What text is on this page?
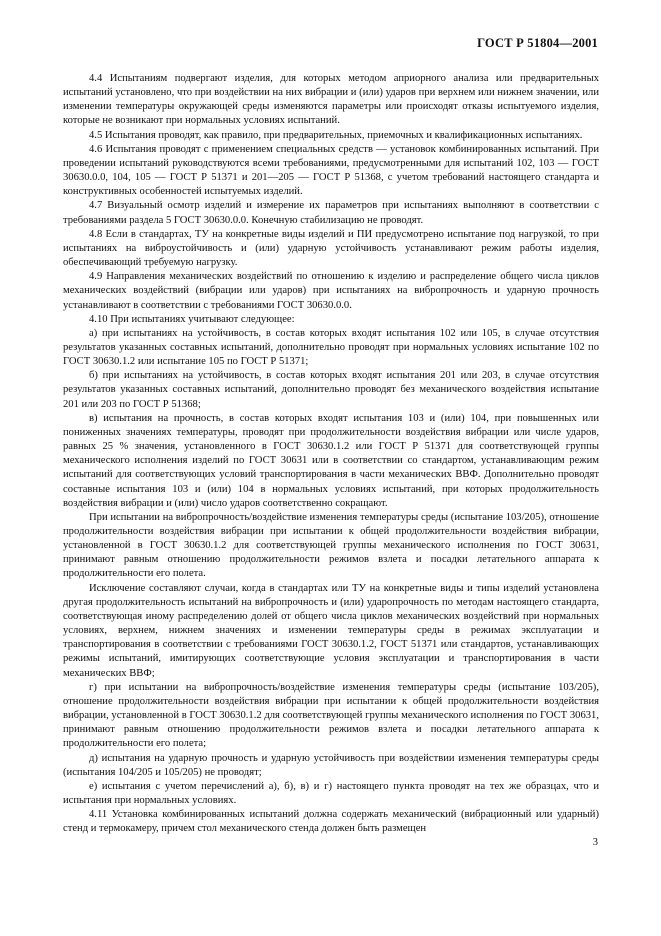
ГОСТ Р 51804—2001

4.4 Испытаниям подвергают изделия, для которых методом априорного анализа или предварительных испытаний установлено, что при воздействии на них вибрации и (или) ударов при верхнем или нижнем значении, или изменении температуры окружающей среды изменяются параметры или происходят отказы испытуемого изделия, которые не возникают при нормальных условиях испытаний.

4.5 Испытания проводят, как правило, при предварительных, приемочных и квалификационных испытаниях.

4.6 Испытания проводят с применением специальных средств — установок комбинированных испытаний. При проведении испытаний руководствуются всеми требованиями, предусмотренными для испытаний 102, 103 — ГОСТ 30630.0.0, 104, 105 — ГОСТ Р 51371 и 201—205 — ГОСТ Р 51368, с учетом требований настоящего стандарта и конструктивных особенностей испытуемых изделий.

4.7 Визуальный осмотр изделий и измерение их параметров при испытаниях выполняют в соответствии с требованиями раздела 5 ГОСТ 30630.0.0. Конечную стабилизацию не проводят.

4.8 Если в стандартах, ТУ на конкретные виды изделий и ПИ предусмотрено испытание под нагрузкой, то при испытаниях на виброустойчивость и (или) ударную устойчивость устанавливают режим работы изделия, обеспечивающий требуемую нагрузку.

4.9 Направления механических воздействий по отношению к изделию и распределение общего числа циклов механических воздействий (вибрации или ударов) при испытаниях на вибропрочность и ударную прочность устанавливают в соответствии с требованиями ГОСТ 30630.0.0.

4.10 При испытаниях учитывают следующее:

а) при испытаниях на устойчивость, в состав которых входят испытания 102 или 105, в случае отсутствия результатов указанных составных испытаний, дополнительно проводят при нормальных условиях испытание 102 по ГОСТ 30630.1.2 или испытание 105 по ГОСТ Р 51371;

б) при испытаниях на устойчивость, в состав которых входят испытания 201 или 203, в случае отсутствия результатов указанных составных испытаний, дополнительно проводят без механического воздействия испытание 201 или 203 по ГОСТ Р 51368;

в) испытания на прочность, в состав которых входят испытания 103 и (или) 104, при повышенных или пониженных значениях температуры, проводят при продолжительности воздействия вибрации или числе ударов, равных 25 % значения, установленного в ГОСТ 30630.1.2 или ГОСТ Р 51371 для соответствующей группы механического исполнения изделий по ГОСТ 30631 или в соответствии со стандартом, устанавливающим режим испытаний для соответствующих условий транспортирования в части механических ВВФ. Дополнительно проводят составные испытания 103 и (или) 104 в нормальных условиях испытаний, при которых продолжительность воздействия вибрации и (или) число ударов соответственно сокращают.

При испытании на вибропрочность/воздействие изменения температуры среды (испытание 103/205), отношение продолжительности воздействия вибрации при испытании к общей продолжительности воздействия вибрации, установленной в ГОСТ 30630.1.2 для соответствующей группы механического исполнения по ГОСТ 30631, принимают равным отношению продолжительности режимов взлета и посадки летательного аппарата к продолжительности его полета.

Исключение составляют случаи, когда в стандартах или ТУ на конкретные виды и типы изделий установлена другая продолжительность испытаний на вибропрочность и (или) ударопрочность по методам настоящего стандарта, соответствующая иному распределению долей от общего числа циклов механических воздействий при нормальных условиях, верхнем, нижнем значениях и изменении температуры среды в режимах эксплуатации и транспортирования в соответствии с требованиями ГОСТ 30630.1.2, ГОСТ 51371 или стандартов, устанавливающих режимы испытаний, имитирующих соответствующие условия эксплуатации и транспортирования в части механических ВВФ;

г) при испытании на вибропрочность/воздействие изменения температуры среды (испытание 103/205), отношение продолжительности воздействия вибрации при испытании к общей продолжительности воздействия вибрации, установленной в ГОСТ 30630.1.2 для соответствующей группы механического исполнения по ГОСТ 30631, принимают равным отношению продолжительности режимов взлета и посадки летательного аппарата к продолжительности его полета;

д) испытания на ударную прочность и ударную устойчивость при воздействии изменения температуры среды (испытания 104/205 и 105/205) не проводят;

е) испытания с учетом перечислений а), б), в) и г) настоящего пункта проводят на тех же образцах, что и испытания при нормальных условиях.

4.11 Установка комбинированных испытаний должна содержать механический (вибрационный или ударный) стенд и термокамеру, причем стол механического стенда должен быть размещен

3
